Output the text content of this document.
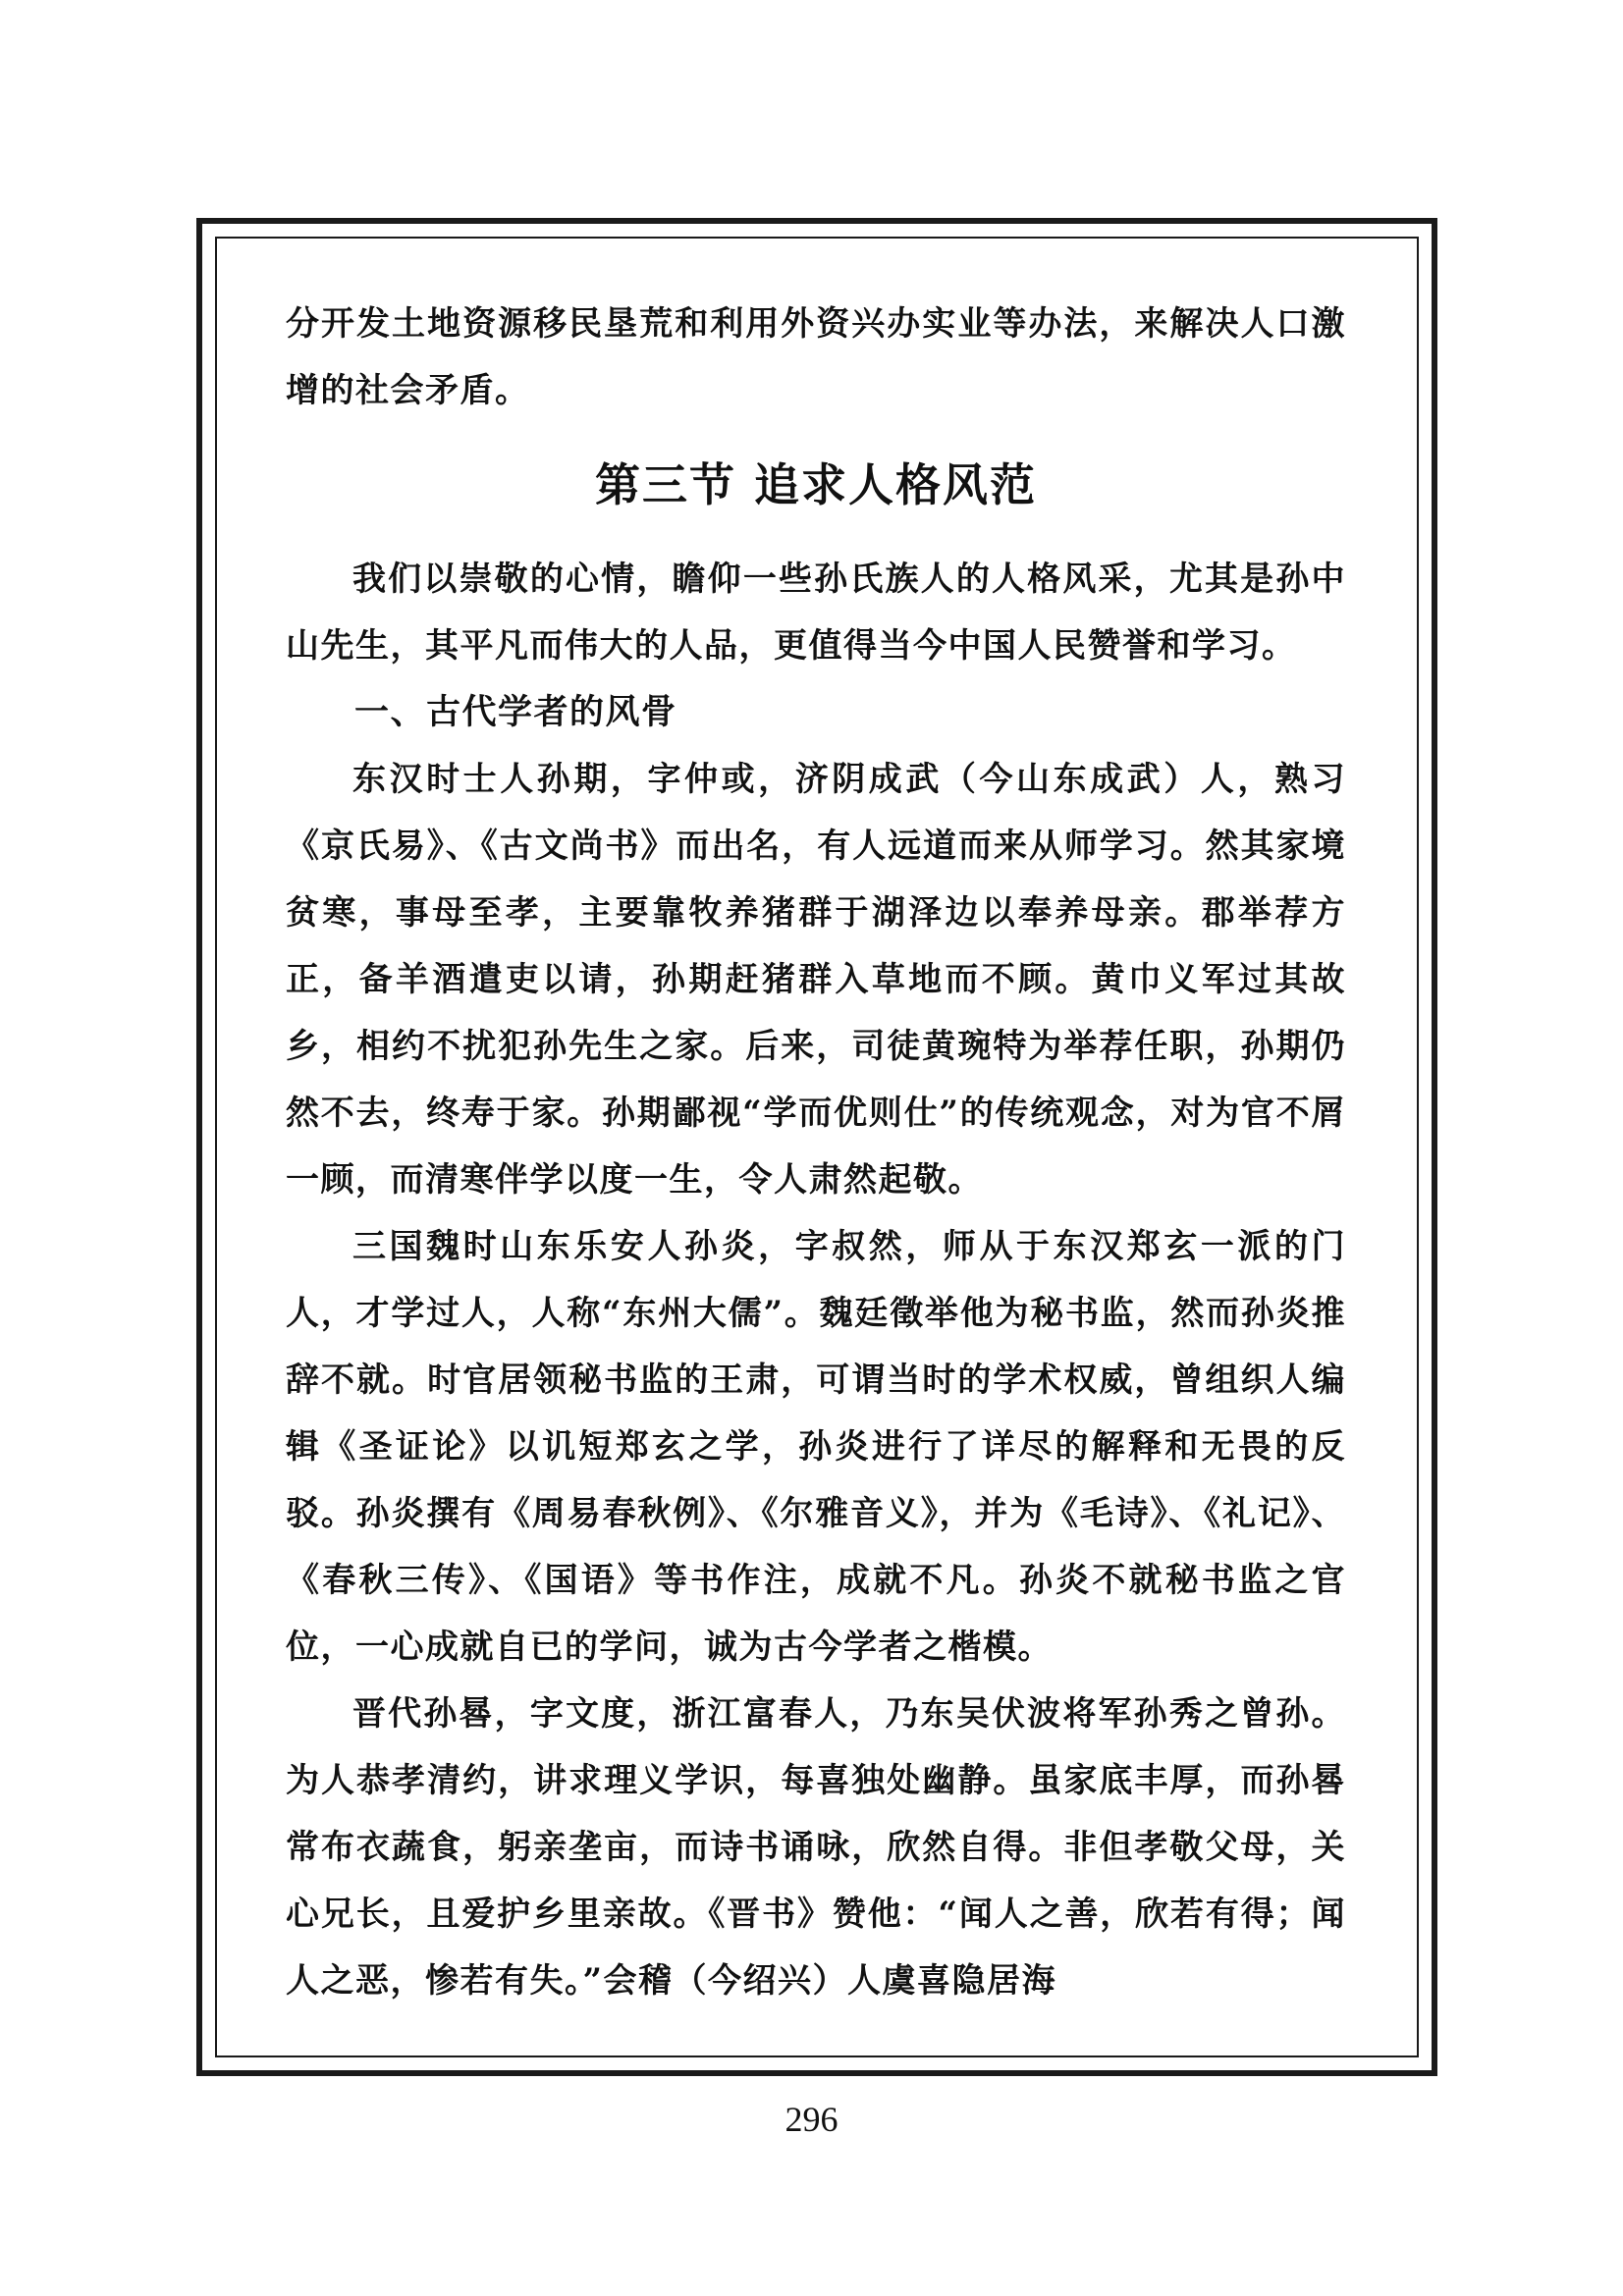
分开发土地资源移民垦荒和利用外资兴办实业等办法，来解决人口激增的社会矛盾。

第三节 追求人格风范

我们以崇敬的心情，瞻仰一些孙氏族人的人格风采，尤其是孙中山先生，其平凡而伟大的人品，更值得当今中国人民赞誉和学习。

一、古代学者的风骨

东汉时士人孙期，字仲或，济阴成武（今山东成武）人，熟习《京氏易》、《古文尚书》而出名，有人远道而来从师学习。然其家境贫寒，事母至孝，主要靠牧养猪群于湖泽边以奉养母亲。郡举荐方正，备羊酒遣吏以请，孙期赶猪群入草地而不顾。黄巾义军过其故乡，相约不扰犯孙先生之家。后来，司徒黄琬特为举荐任职，孙期仍然不去，终寿于家。孙期鄙视“学而优则仕”的传统观念，对为官不屑一顾，而清寒伴学以度一生，令人肃然起敬。

三国魏时山东乐安人孙炎，字叔然，师从于东汉郑玄一派的门人，才学过人，人称“东州大儒”。魏廷徵举他为秘书监，然而孙炎推辞不就。时官居领秘书监的王肃，可谓当时的学术权威，曾组织人编辑《圣证论》以讥短郑玄之学，孙炎进行了详尽的解释和无畏的反驳。孙炎撰有《周易春秋例》、《尔雅音义》，并为《毛诗》、《礼记》、《春秋三传》、《国语》等书作注，成就不凡。孙炎不就秘书监之官位，一心成就自已的学问，诚为古今学者之楷模。

晋代孙晷，字文度，浙江富春人，乃东吴伏波将军孙秀之曾孙。为人恭孝清约，讲求理义学识，每喜独处幽静。虽家底丰厚，而孙晷常布衣蔬食，躬亲垄亩，而诗书诵咏，欣然自得。非但孝敬父母，关心兄长，且爱护乡里亲故。《晋书》赞他：“闻人之善，欣若有得；闻人之恶，惨若有失。”会稽（今绍兴）人虞喜隐居海

296
